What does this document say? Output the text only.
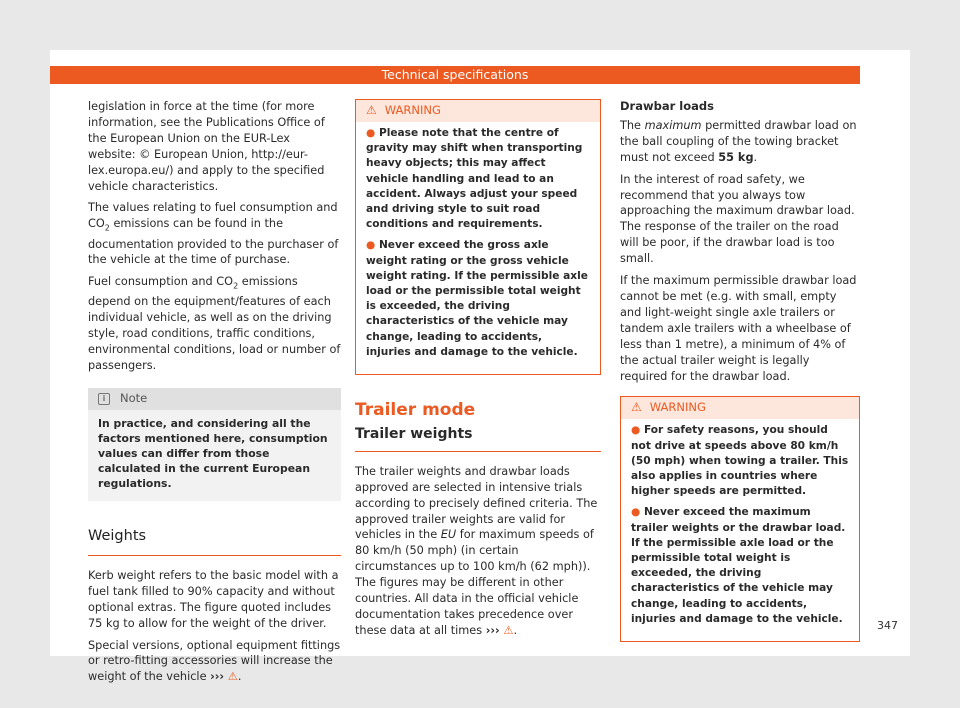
Technical specifications

legislation in force at the time (for more information, see the Publications Office of the European Union on the EUR-Lex website: © European Union, http://eur-lex.europa.eu/) and apply to the specified vehicle characteristics.

The values relating to fuel consumption and $CO_2$ emissions can be found in the documentation provided to the purchaser of the vehicle at the time of purchase.

Fuel consumption and $CO_2$ emissions depend on the equipment/features of each individual vehicle, as well as on the driving style, road conditions, traffic conditions, environmental conditions, load or number of passengers.

i	Note
In practice, and considering all the factors mentioned here, consumption values can differ from those calculated in the current European regulations.
Weights

Kerb weight refers to the basic model with a fuel tank filled to 90% capacity and without optional extras. The figure quoted includes 75 kg to allow for the weight of the driver.

Special versions, optional equipment fittings or retro-fitting accessories will increase the weight of the vehicle ››› ⚠.

⚠ WARNING
● Please note that the centre of gravity may shift when transporting heavy objects; this may affect vehicle handling and lead to an accident. Always adjust your speed and driving style to suit road conditions and requirements.
● Never exceed the gross axle weight rating or the gross vehicle weight rating. If the permissible axle load or the permissible total weight is exceeded, the driving characteristics of the vehicle may change, leading to accidents, injuries and damage to the vehicle.
Trailer mode
Trailer weights

The trailer weights and drawbar loads approved are selected in intensive trials according to precisely defined criteria. The approved trailer weights are valid for vehicles in the EU for maximum speeds of 80 km/h (50 mph) (in certain circumstances up to 100 km/h (62 mph)). The figures may be different in other countries. All data in the official vehicle documentation takes precedence over these data at all times ››› ⚠.

Drawbar loads

The maximum permitted drawbar load on the ball coupling of the towing bracket must not exceed 55 kg.

In the interest of road safety, we recommend that you always tow approaching the maximum drawbar load. The response of the trailer on the road will be poor, if the drawbar load is too small.

If the maximum permissible drawbar load cannot be met (e.g. with small, empty and light-weight single axle trailers or tandem axle trailers with a wheelbase of less than 1 metre), a minimum of 4% of the actual trailer weight is legally required for the drawbar load.

⚠ WARNING
● For safety reasons, you should not drive at speeds above 80 km/h (50 mph) when towing a trailer. This also applies in countries where higher speeds are permitted.
● Never exceed the maximum trailer weights or the drawbar load. If the permissible axle load or the permissible total weight is exceeded, the driving characteristics of the vehicle may change, leading to accidents, injuries and damage to the vehicle.
347
